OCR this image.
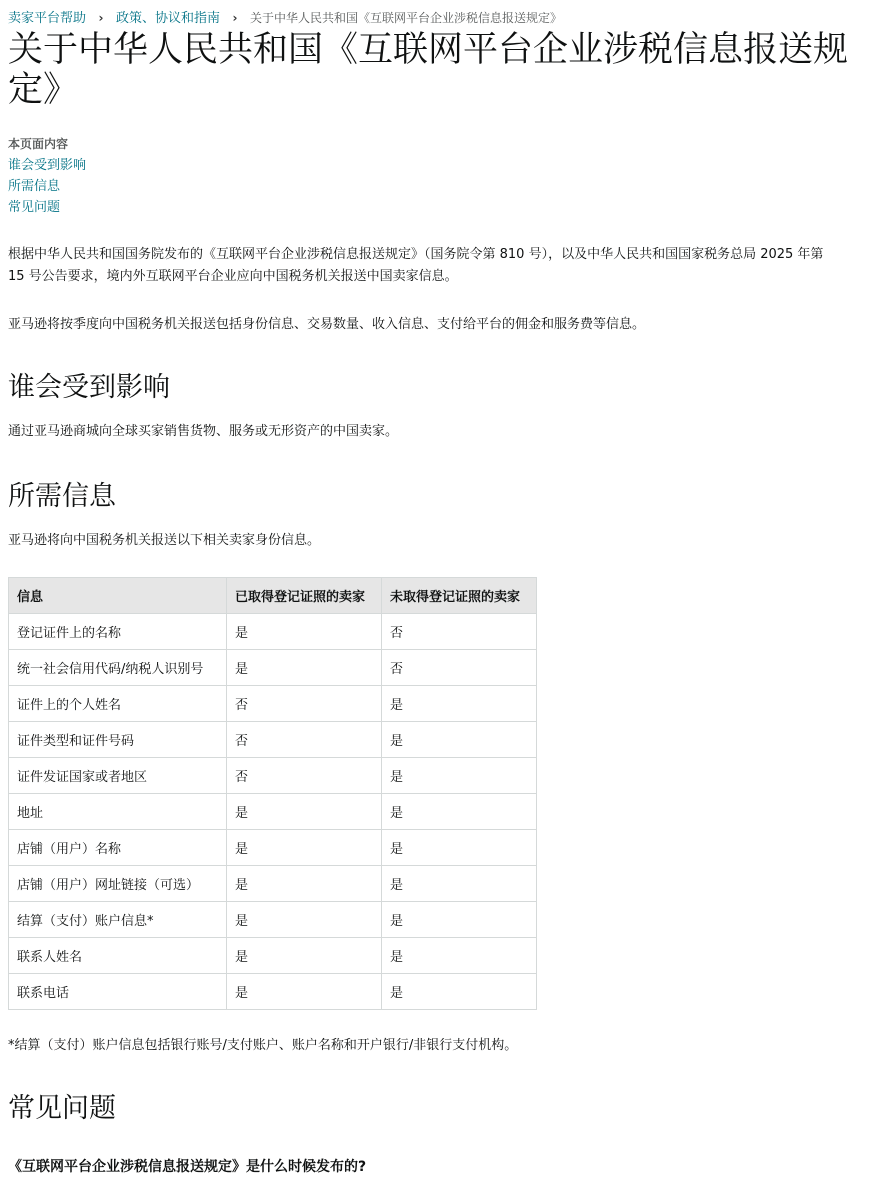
卖家平台帮助 › 政策、协议和指南 › 关于中华人民共和国《互联网平台企业涉税信息报送规定》
关于中华人民共和国《互联网平台企业涉税信息报送规定》
本页面内容
谁会受到影响
所需信息
常见问题

根据中华人民共和国国务院发布的《互联网平台企业涉税信息报送规定》（国务院令第 810 号），以及中华人民共和国国家税务总局 2025 年第 15 号公告要求，境内外互联网平台企业应向中国税务机关报送中国卖家信息。

亚马逊将按季度向中国税务机关报送包括身份信息、交易数量、收入信息、支付给平台的佣金和服务费等信息。

谁会受到影响

通过亚马逊商城向全球买家销售货物、服务或无形资产的中国卖家。

所需信息

亚马逊将向中国税务机关报送以下相关卖家身份信息。

信息	已取得登记证照的卖家	未取得登记证照的卖家
登记证件上的名称	是	否
统一社会信用代码/纳税人识别号	是	否
证件上的个人姓名	否	是
证件类型和证件号码	否	是
证件发证国家或者地区	否	是
地址	是	是
店铺（用户）名称	是	是
店铺（用户）网址链接（可选）	是	是
结算（支付）账户信息*	是	是
联系人姓名	是	是
联系电话	是	是

*结算（支付）账户信息包括银行账号/支付账户、账户名称和开户银行/非银行支付机构。

常见问题
《互联网平台企业涉税信息报送规定》是什么时候发布的?
